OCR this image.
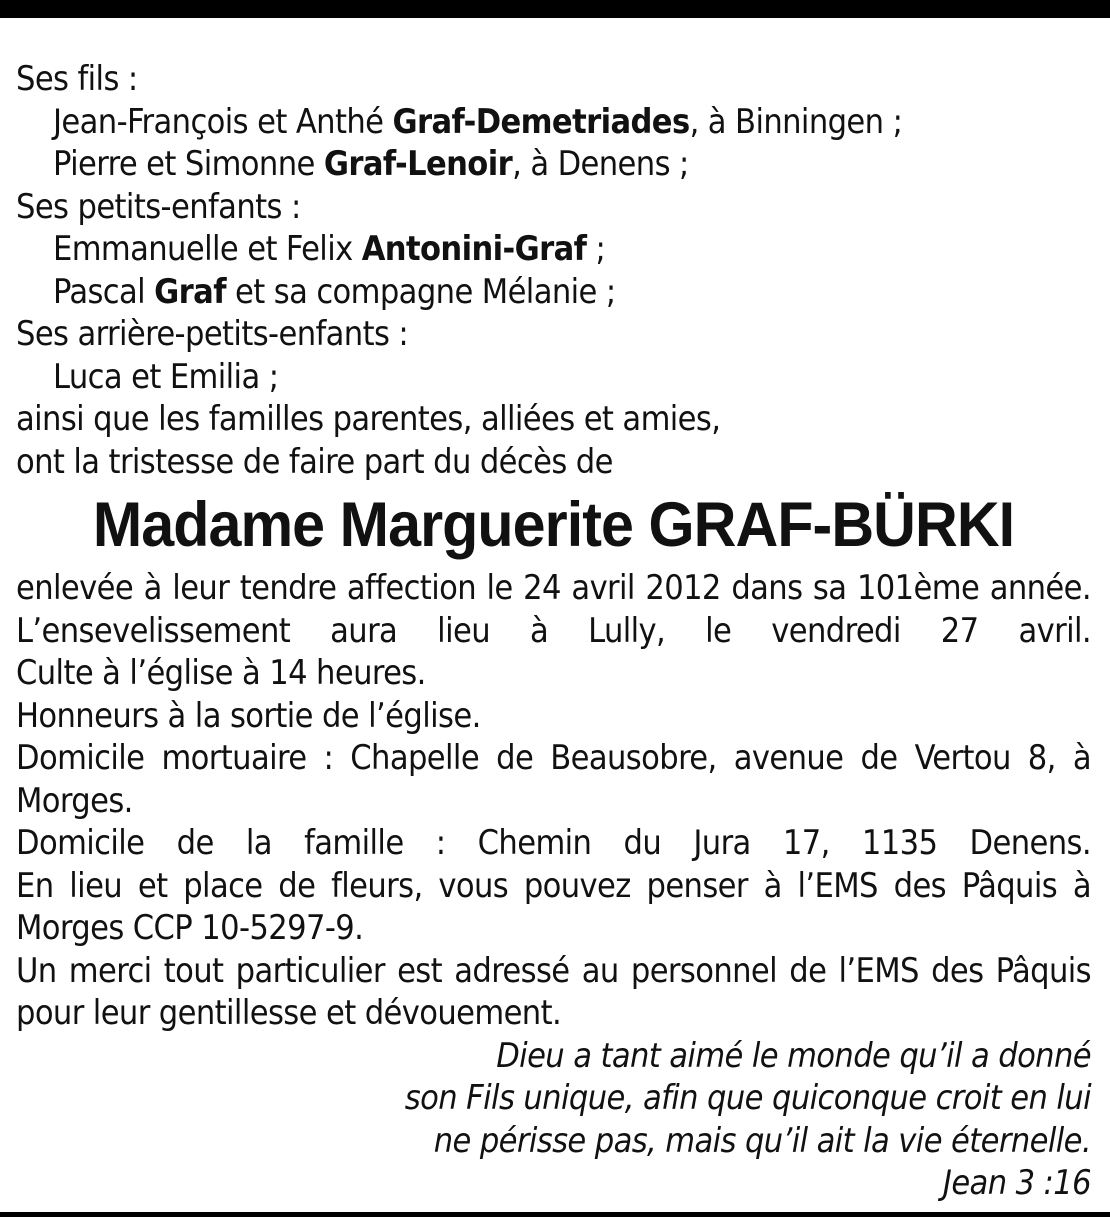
Ses fils :
Jean-François et Anthé Graf-Demetriades, à Binningen ;
Pierre et Simonne Graf-Lenoir, à Denens ;
Ses petits-enfants :
Emmanuelle et Felix Antonini-Graf ;
Pascal Graf et sa compagne Mélanie ;
Ses arrière-petits-enfants :
Luca et Emilia ;
ainsi que les familles parentes, alliées et amies,
ont la tristesse de faire part du décès de
Madame Marguerite GRAF-BÜRKI
enlevée à leur tendre affection le 24 avril 2012 dans sa 101ème année.
L’ensevelissement aura lieu à Lully, le vendredi 27 avril.
Culte à l’église à 14 heures.
Honneurs à la sortie de l’église.
Domicile mortuaire : Chapelle de Beausobre, avenue de Vertou 8, à
Morges.
Domicile de la famille : Chemin du Jura 17, 1135 Denens.
En lieu et place de fleurs, vous pouvez penser à l’EMS des Pâquis à
Morges CCP 10-5297-9.
Un merci tout particulier est adressé au personnel de l’EMS des Pâquis
pour leur gentillesse et dévouement.
Dieu a tant aimé le monde qu’il a donné
son Fils unique, afin que quiconque croit en lui
ne périsse pas, mais qu’il ait la vie éternelle.
Jean 3 :16
